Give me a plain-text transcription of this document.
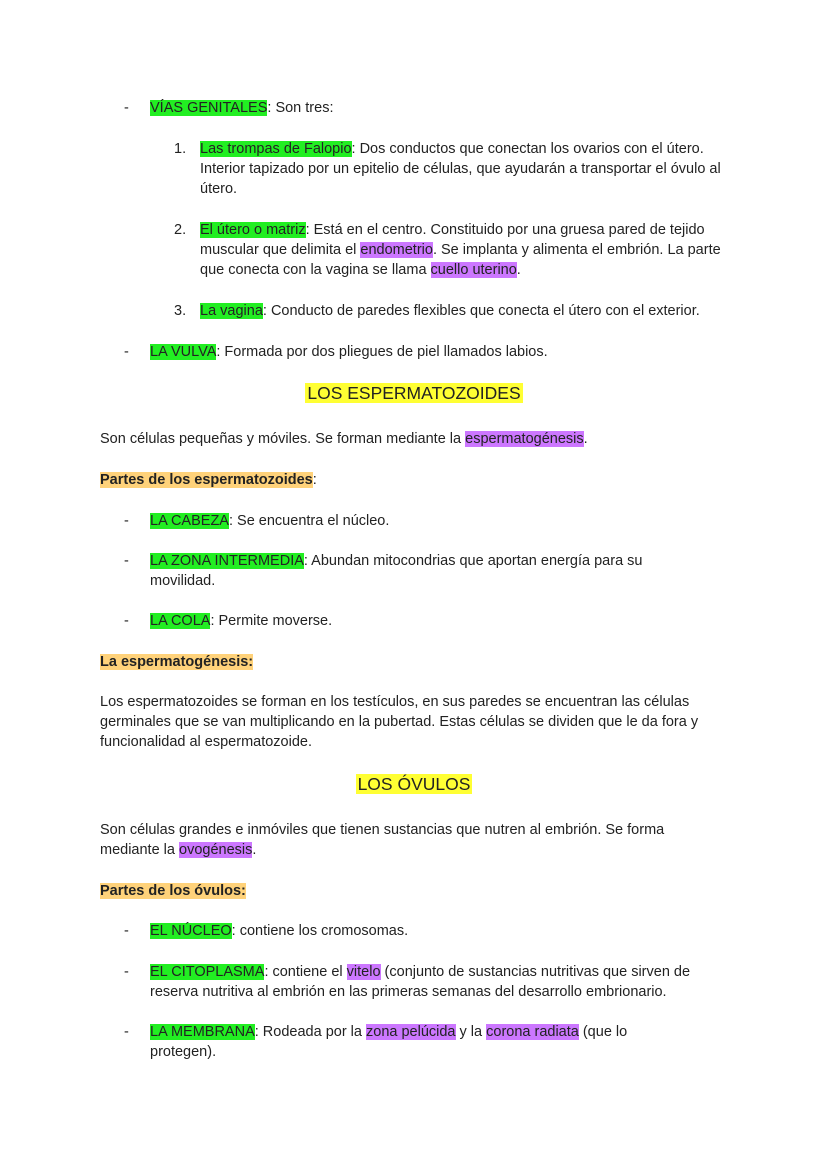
-	VÍAS GENITALES: Son tres:
1. Las trompas de Falopio: Dos conductos que conectan los ovarios con el útero. Interior tapizado por un epitelio de células, que ayudarán a transportar el óvulo al útero.
2. El útero o matriz: Está en el centro. Constituido por una gruesa pared de tejido muscular que delimita el endometrio. Se implanta y alimenta el embrión. La parte que conecta con la vagina se llama cuello uterino.
3. La vagina: Conducto de paredes flexibles que conecta el útero con el exterior.
-	LA VULVA: Formada por dos pliegues de piel llamados labios.
LOS ESPERMATOZOIDES
Son células pequeñas y móviles. Se forman mediante la espermatogénesis.
Partes de los espermatozoides:
-	LA CABEZA: Se encuentra el núcleo.
-	LA ZONA INTERMEDIA: Abundan mitocondrias que aportan energía para su movilidad.
-	LA COLA: Permite moverse.
La espermatogénesis:
Los espermatozoides se forman en los testículos, en sus paredes se encuentran las células germinales que se van multiplicando en la pubertad. Estas células se dividen que le da fora y funcionalidad al espermatozoide.
LOS ÓVULOS
Son células grandes e inmóviles que tienen sustancias que nutren al embrión. Se forma mediante la ovogénesis.
Partes de los óvulos:
-	EL NÚCLEO: contiene los cromosomas.
-	EL CITOPLASMA: contiene el vitelo (conjunto de sustancias nutritivas que sirven de reserva nutritiva al embrión en las primeras semanas del desarrollo embrionario.
-	LA MEMBRANA: Rodeada por la zona pelúcida y la corona radiata (que lo protegen).
